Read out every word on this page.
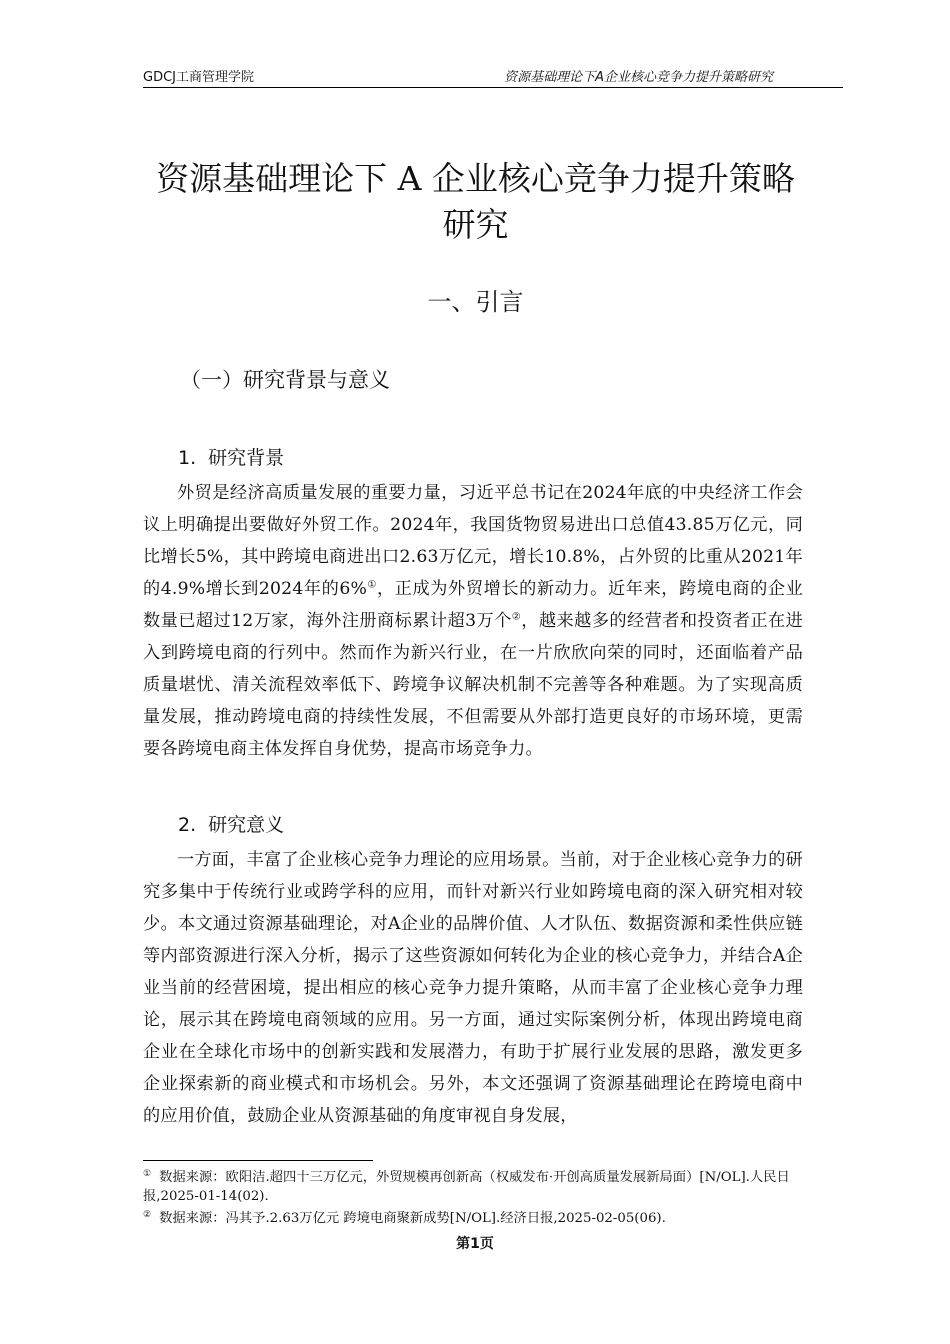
GDCJ工商管理学院	资源基础理论下A企业核心竞争力提升策略研究
资源基础理论下 A 企业核心竞争力提升策略研究
一、引言
（一）研究背景与意义
1. 研究背景

外贸是经济高质量发展的重要力量，习近平总书记在2024年底的中央经济工作会议上明确提出要做好外贸工作。2024年，我国货物贸易进出口总值43.85万亿元，同比增长5%，其中跨境电商进出口2.63万亿元，增长10.8%，占外贸的比重从2021年的4.9%增长到2024年的6%①，正成为外贸增长的新动力。近年来，跨境电商的企业数量已超过12万家，海外注册商标累计超3万个②，越来越多的经营者和投资者正在进入到跨境电商的行列中。然而作为新兴行业，在一片欣欣向荣的同时，还面临着产品质量堪忧、清关流程效率低下、跨境争议解决机制不完善等各种难题。为了实现高质量发展，推动跨境电商的持续性发展，不但需要从外部打造更良好的市场环境，更需要各跨境电商主体发挥自身优势，提高市场竞争力。

2. 研究意义

一方面，丰富了企业核心竞争力理论的应用场景。当前，对于企业核心竞争力的研究多集中于传统行业或跨学科的应用，而针对新兴行业如跨境电商的深入研究相对较少。本文通过资源基础理论，对A企业的品牌价值、人才队伍、数据资源和柔性供应链等内部资源进行深入分析，揭示了这些资源如何转化为企业的核心竞争力，并结合A企业当前的经营困境，提出相应的核心竞争力提升策略，从而丰富了企业核心竞争力理论，展示其在跨境电商领域的应用。另一方面，通过实际案例分析，体现出跨境电商企业在全球化市场中的创新实践和发展潜力，有助于扩展行业发展的思路，激发更多企业探索新的商业模式和市场机会。另外，本文还强调了资源基础理论在跨境电商中的应用价值，鼓励企业从资源基础的角度审视自身发展，

① 数据来源：欧阳洁.超四十三万亿元，外贸规模再创新高（权威发布·开创高质量发展新局面）[N/OL].人民日报,2025-01-14(02).
② 数据来源：冯其予.2.63万亿元 跨境电商聚新成势[N/OL].经济日报,2025-02-05(06).
第1页
